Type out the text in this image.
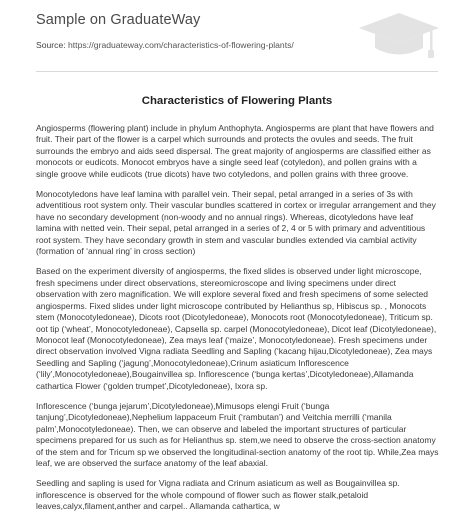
Sample on GraduateWay
Source: https://graduateway.com/characteristics-of-flowering-plants/
Characteristics of Flowering Plants

Angiosperms (flowering plant) include in phylum Anthophyta. Angiosperms are plant that have flowers and fruit. Their part of the flower is a carpel which surrounds and protects the ovules and seeds. The fruit surrounds the embryo and aids seed dispersal. The great majority of angiosperms are classified either as monocots or eudicots. Monocot embryos have a single seed leaf (cotyledon), and pollen grains with a single groove while eudicots (true dicots) have two cotyledons, and pollen grains with three groove.

Monocotyledons have leaf lamina with parallel vein. Their sepal, petal arranged in a series of 3s with adventitious root system only. Their vascular bundles scattered in cortex or irregular arrangement and they have no secondary development (non-woody and no annual rings). Whereas, dicotyledons have leaf lamina with netted vein. Their sepal, petal arranged in a series of 2, 4 or 5 with primary and adventitious root system. They have secondary growth in stem and vascular bundles extended via cambial activity (formation of ‘annual ring’ in cross section)

Based on the experiment diversity of angiosperms, the fixed slides is observed under light microscope, fresh specimens under direct observations, stereomicroscope and living specimens under direct observation with zero magnification. We will explore several fixed and fresh specimens of some selected angiosperms. Fixed slides under light microscope contributed by Helianthus sp, Hibiscus sp. , Monocots stem (Monocotyledoneae), Dicots root (Dicotyledoneae), Monocots root (Monocotyledoneae), Triticum sp. oot tip (‘wheat’, Monocotyledoneae), Capsella sp. carpel (Monocotyledoneae), Dicot leaf (Dicotyledoneae), Monocot leaf (Monocotyledoneae), Zea mays leaf (‘maize’, Monocotyledoneae). Fresh specimens under direct observation involved Vigna radiata Seedling and Sapling (‘kacang hijau,Dicotyledoneae), Zea mays Seedling and Sapling (‘jagung’,Monocotyledoneae),Crinum asiaticum Inflorescence (‘lily’,Monocotyledoneae),Bougainvillea sp. Inflorescence (‘bunga kertas’,Dicotyledoneae),Allamanda cathartica Flower (‘golden trumpet’,Dicotyledoneae), Ixora sp.

Inflorescence (‘bunga jejarum’,Dicotyledoneae),Mimusops elengi Fruit (‘bunga tanjung’,Dicotyledoneae),Nephelium lappaceum Fruit (‘rambutan’) and Veitchia merrilli (‘manila palm’,Monocotyledoneae). Then, we can observe and labeled the important structures of particular specimens prepared for us such as for Helianthus sp. stem,we need to observe the cross-section anatomy of the stem and for Tricum sp we observed the longitudinal-section anatomy of the root tip. While,Zea mays leaf, we are observed the surface anatomy of the leaf abaxial.

Seedling and sapling is used for Vigna radiata and Crinum asiaticum as well as Bougainvillea sp. inflorescence is observed for the whole compound of flower such as flower stalk,petaloid leaves,calyx,filament,anther and carpel.. Allamanda cathartica, w
